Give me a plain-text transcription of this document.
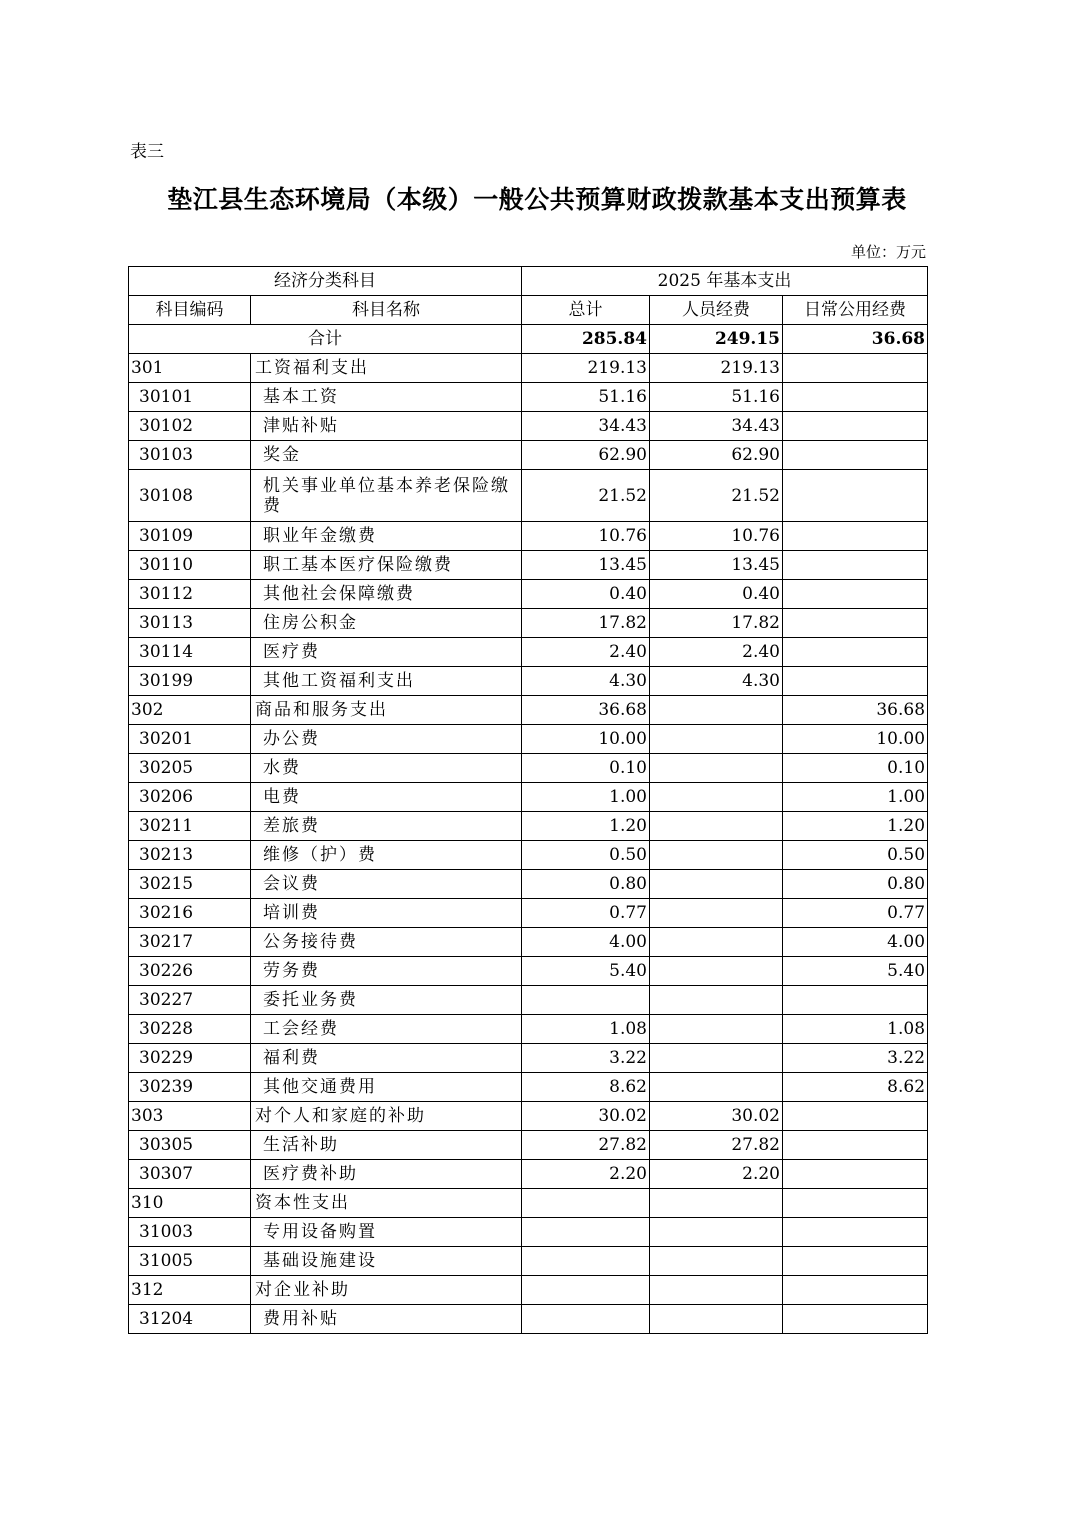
表三
垫江县生态环境局（本级）一般公共预算财政拨款基本支出预算表
单位：万元
经济分类科目		2025 年基本支出		
科目编码	科目名称	总计	人员经费	日常公用经费
合计		285.84	249.15	36.68
301	工资福利支出	219.13	219.13	
30101	基本工资	51.16	51.16	
30102	津贴补贴	34.43	34.43	
30103	奖金	62.90	62.90	
30108	机关事业单位基本养老保险缴费	21.52	21.52	
30109	职业年金缴费	10.76	10.76	
30110	职工基本医疗保险缴费	13.45	13.45	
30112	其他社会保障缴费	0.40	0.40	
30113	住房公积金	17.82	17.82	
30114	医疗费	2.40	2.40	
30199	其他工资福利支出	4.30	4.30	
302	商品和服务支出	36.68		36.68
30201	办公费	10.00		10.00
30205	水费	0.10		0.10
30206	电费	1.00		1.00
30211	差旅费	1.20		1.20
30213	维修（护）费	0.50		0.50
30215	会议费	0.80		0.80
30216	培训费	0.77		0.77
30217	公务接待费	4.00		4.00
30226	劳务费	5.40		5.40
30227	委托业务费			
30228	工会经费	1.08		1.08
30229	福利费	3.22		3.22
30239	其他交通费用	8.62		8.62
303	对个人和家庭的补助	30.02	30.02	
30305	生活补助	27.82	27.82	
30307	医疗费补助	2.20	2.20	
310	资本性支出			
31003	专用设备购置			
31005	基础设施建设			
312	对企业补助			
31204	费用补贴			
